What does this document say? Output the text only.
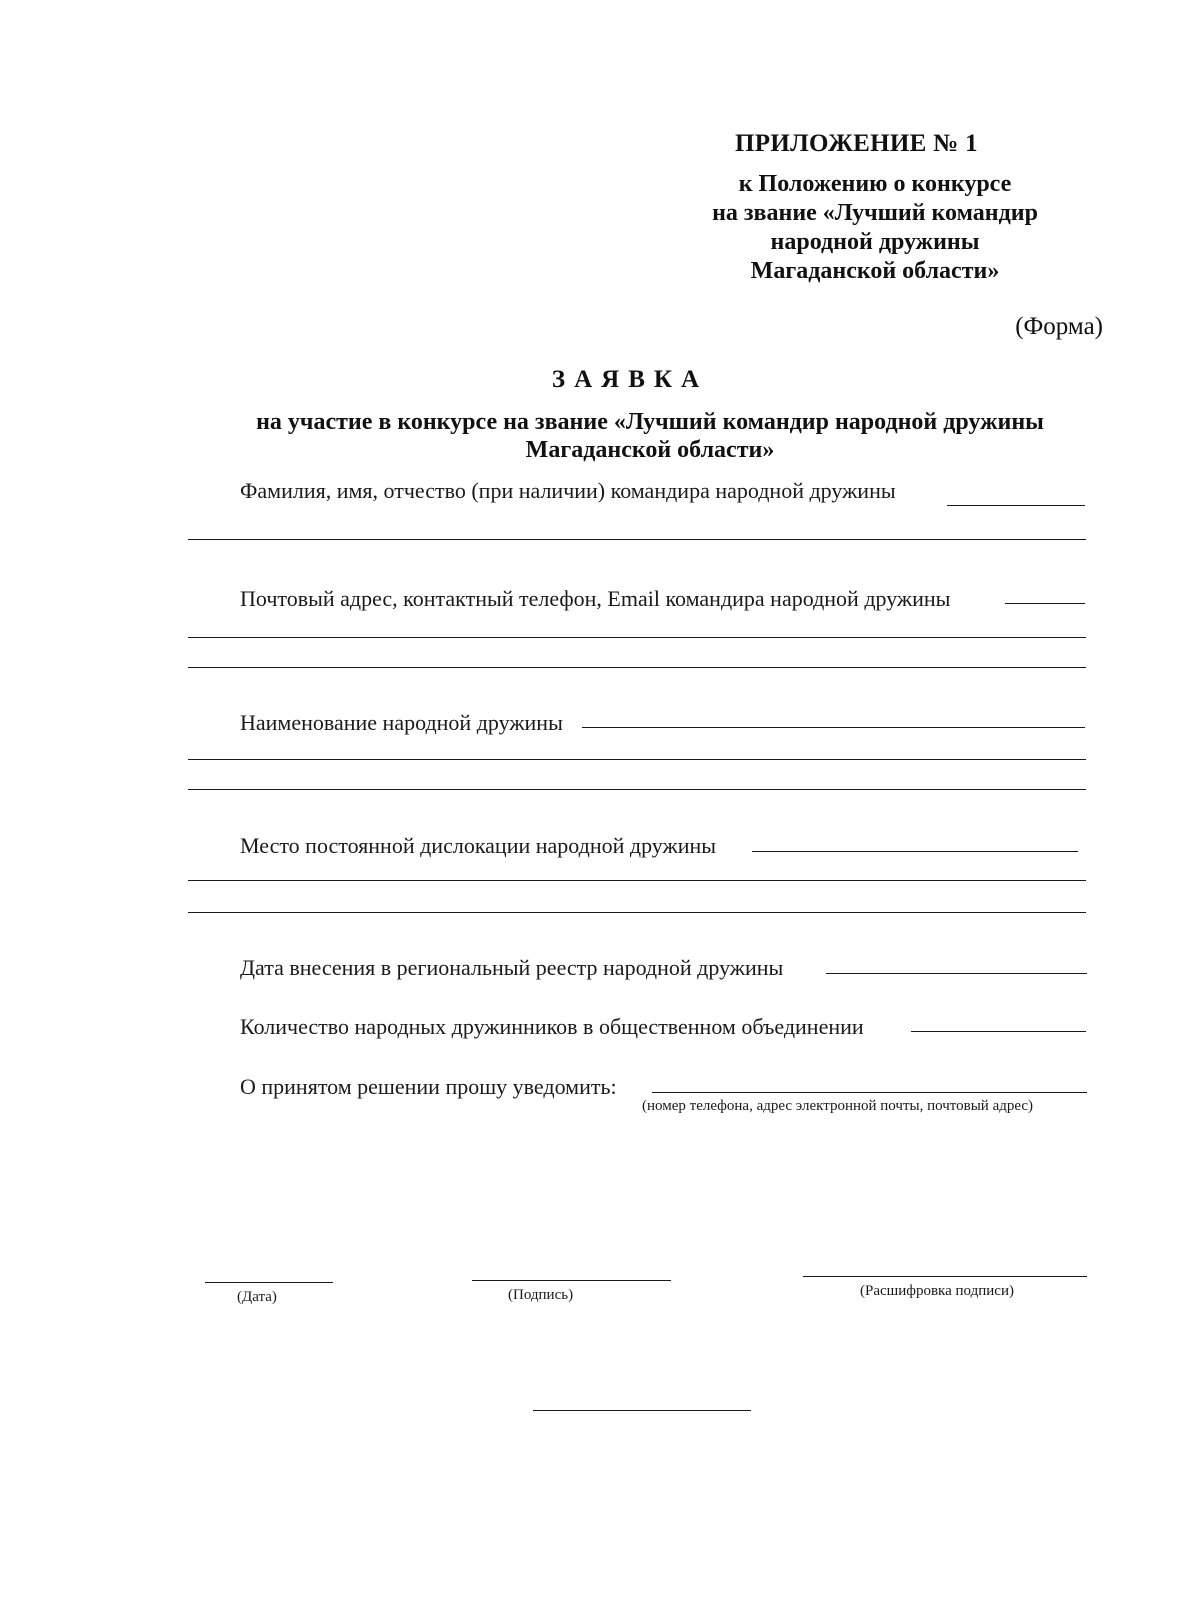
ПРИЛОЖЕНИЕ № 1
к Положению о конкурсе
на звание «Лучший командир
народной дружины
Магаданской области»
(Форма)
ЗАЯВКА
на участие в конкурсе на звание «Лучший командир народной дружины
Магаданской области»
Фамилия, имя, отчество (при наличии) командира народной дружины
Почтовый адрес, контактный телефон, Email командира народной дружины
Наименование народной дружины
Место постоянной дислокации народной дружины
Дата внесения в региональный реестр народной дружины
Количество народных дружинников в общественном объединении
О принятом решении прошу уведомить:
(номер телефона, адрес электронной почты, почтовый адрес)
(Дата)	(Подпись)	(Расшифровка подписи)
